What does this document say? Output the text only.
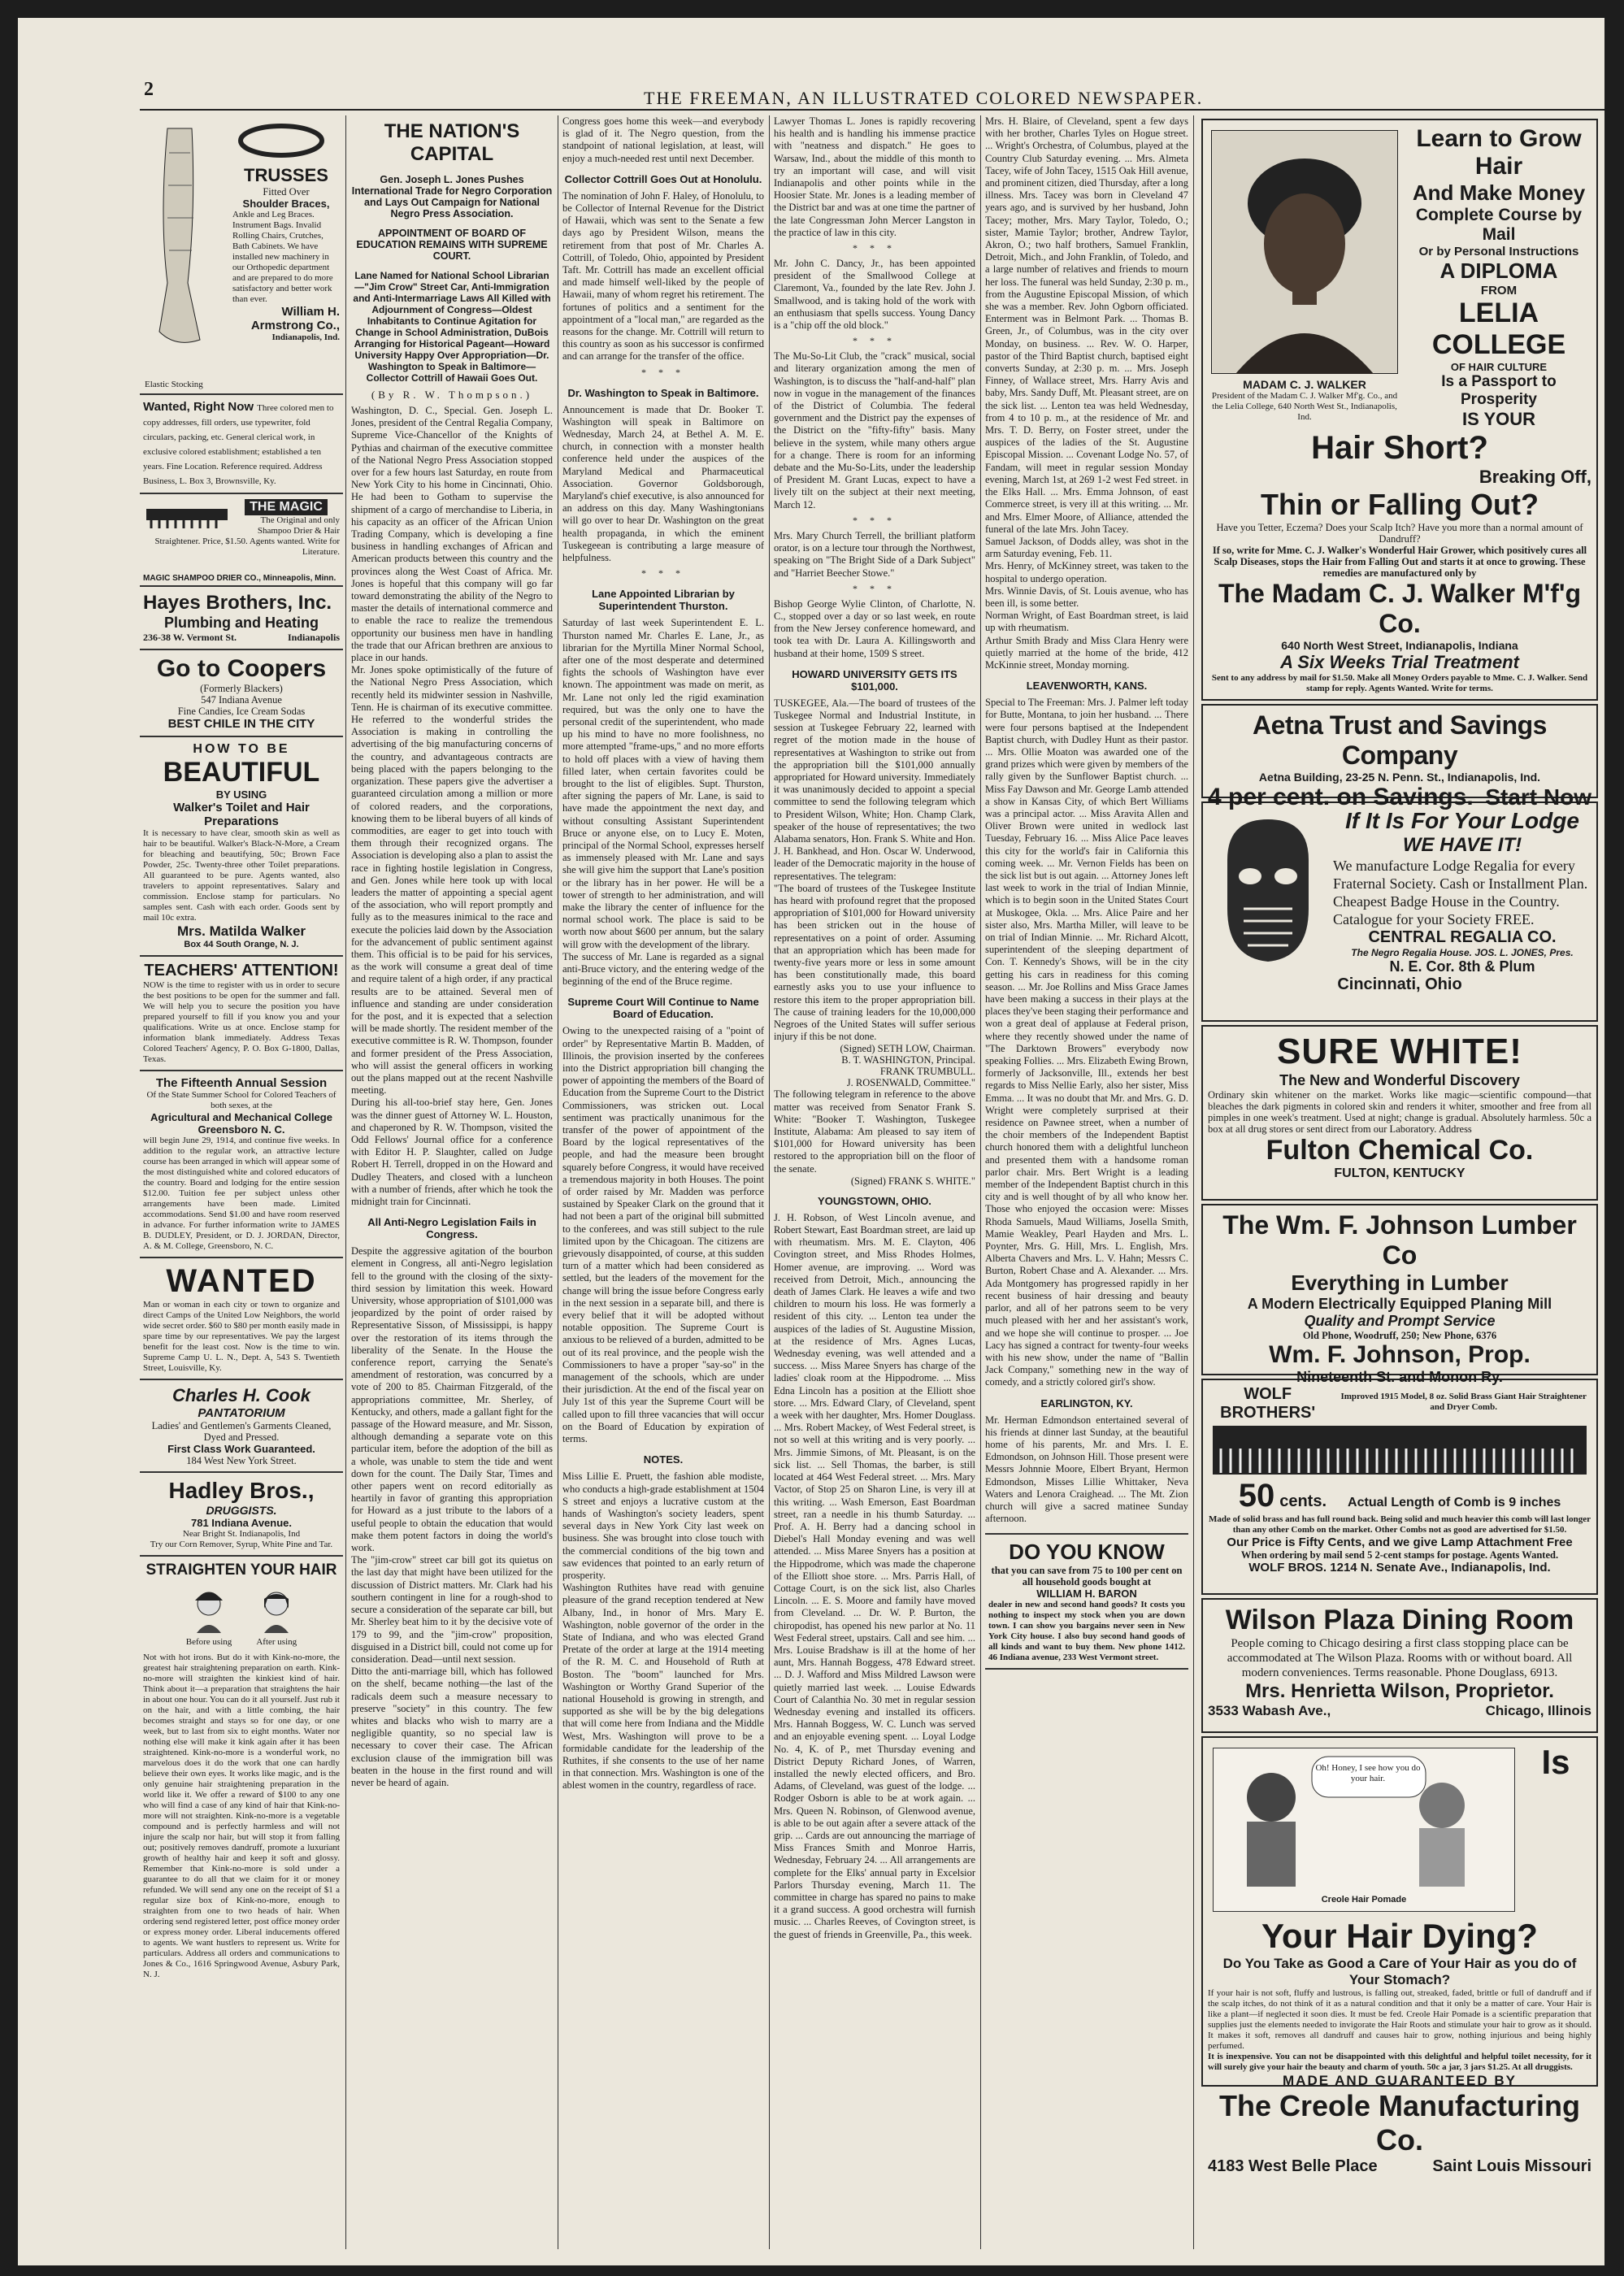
2	THE FREEMAN, AN ILLUSTRATED COLORED NEWSPAPER.
TRUSSES
Fitted Over
Shoulder Braces,
Ankle and Leg Braces. Instrument Bags. Invalid Rolling Chairs, Crutches, Bath Cabinets. We have installed new machinery in our Orthopedic department and are prepared to do more satisfactory and better work than ever.
William H. Armstrong Co.,
Indianapolis, Ind.
Elastic Stocking
Wanted, Right Now Three colored men to copy addresses, fill orders, use typewriter, fold circulars, packing, etc. General clerical work, in exclusive colored establishment; established a ten years. Fine Location. Reference required. Address Business, L. Box 3, Brownsville, Ky.
THE MAGIC
The Original and only Shampoo Drier & Hair Straightener. Price, $1.50. Agents wanted. Write for Literature.
MAGIC SHAMPOO DRIER CO., Minneapolis, Minn.
Hayes Brothers, Inc.
Plumbing and Heating
236-38 W. Vermont St.	Indianapolis
Go to Coopers
(Formerly Blackers)
547 Indiana Avenue
Fine Candies, Ice Cream Sodas
BEST CHILE IN THE CITY
HOW TO BE
BEAUTIFUL
BY USING
Walker's Toilet and Hair Preparations
It is necessary to have clear, smooth skin as well as hair to be beautiful. Walker's Black-N-More, a Cream for bleaching and beautifying, 50c; Brown Face Powder, 25c. Twenty-three other Toilet preparations. All guaranteed to be pure. Agents wanted, also travelers to appoint representatives. Salary and commission. Enclose stamp for particulars. No samples sent. Cash with each order. Goods sent by mail 10c extra.
Mrs. Matilda Walker
Box 44 South Orange, N. J.
TEACHERS' ATTENTION!
NOW is the time to register with us in order to secure the best positions to be open for the summer and fall. We will help you to secure the position you have prepared yourself to fill if you know you and your qualifications. Write us at once. Enclose stamp for information blank immediately. Address Texas Colored Teachers' Agency, P. O. Box G-1800, Dallas, Texas.
The Fifteenth Annual Session
Of the State Summer School for Colored Teachers of both sexes, at the
Agricultural and Mechanical College
Greensboro N. C.
will begin June 29, 1914, and continue five weeks. In addition to the regular work, an attractive lecture course has been arranged in which will appear some of the most distinguished white and colored educators of the country. Board and lodging for the entire session $12.00. Tuition fee per subject unless other arrangements have been made. Limited accommodations. Send $1.00 and have room reserved in advance. For further information write to JAMES B. DUDLEY, President, or D. J. JORDAN, Director, A. & M. College, Greensboro, N. C.
WANTED
Man or woman in each city or town to organize and direct Camps of the United Low Neighbors, the world wide secret order. $60 to $80 per month easily made in spare time by our representatives. We pay the largest benefit for the least cost. Now is the time to win. Supreme Camp U. L. N., Dept. A, 543 S. Twentieth Street, Louisville, Ky.
Charles H. Cook
PANTATORIUM
Ladies' and Gentlemen's Garments Cleaned, Dyed and Pressed.
First Class Work Guaranteed.
184 West New York Street.
Hadley Bros.,
DRUGGISTS.
781 Indiana Avenue.
Near Bright St. Indianapolis, Ind
Try our Corn Remover, Syrup, White Pine and Tar.
STRAIGHTEN YOUR HAIR
Before using	After using
Not with hot irons. But do it with Kink-no-more, the greatest hair straightening preparation on earth. Kink-no-more will straighten the kinkiest kind of hair. Think about it—a preparation that straightens the hair in about one hour. You can do it all yourself. Just rub it on the hair, and with a little combing, the hair becomes straight and stays so for one day, or one week, but to last from six to eight months. Water nor nothing else will make it kink again after it has been straightened. Kink-no-more is a wonderful work, no marvelous does it do the work that one can hardly believe their own eyes. It works like magic, and is the only genuine hair straightening preparation in the world like it. We offer a reward of $100 to any one who will find a case of any kind of hair that Kink-no-more will not straighten. Kink-no-more is a vegetable compound and is perfectly harmless and will not injure the scalp nor hair, but will stop it from falling out; positively removes dandruff, promote a luxuriant growth of healthy hair and keep it soft and glossy. Remember that Kink-no-more is sold under a guarantee to do all that we claim for it or money refunded. We will send any one on the receipt of $1 a regular size box of Kink-no-more, enough to straighten from one to two heads of hair. When ordering send registered letter, post office money order or express money order. Liberal inducements offered to agents. We want hustlers to represent us. Write for particulars. Address all orders and communications to Jones & Co., 1616 Springwood Avenue, Asbury Park, N. J.
THE NATION'S CAPITAL
Gen. Joseph L. Jones Pushes International Trade for Negro Corporation and Lays Out Campaign for National Negro Press Association.
APPOINTMENT OF BOARD OF EDUCATION REMAINS WITH SUPREME COURT.
Lane Named for National School Librarian—"Jim Crow" Street Car, Anti-Immigration and Anti-Intermarriage Laws All Killed with Adjournment of Congress—Oldest Inhabitants to Continue Agitation for Change in School Administration, DuBois Arranging for Historical Pageant—Howard University Happy Over Appropriation—Dr. Washington to Speak in Baltimore—Collector Cottrill of Hawaii Goes Out.
(By R. W. Thompson.)

Washington, D. C., Special. Gen. Joseph L. Jones, president of the Central Regalia Company, Supreme Vice-Chancellor of the Knights of Pythias and chairman of the executive committee of the National Negro Press Association stopped over for a few hours last Saturday, en route from New York City to his home in Cincinnati, Ohio. He had been to Gotham to supervise the shipment of a cargo of merchandise to Liberia, in his capacity as an officer of the African Union Trading Company, which is developing a fine business in handling exchanges of African and American products between this country and the provinces along the West Coast of Africa. Mr. Jones is hopeful that this company will go far toward demonstrating the ability of the Negro to master the details of international commerce and to enable the race to realize the tremendous opportunity our business men have in handling the trade that our African brethren are anxious to place in our hands.

Mr. Jones spoke optimistically of the future of the National Negro Press Association, which recently held its midwinter session in Nashville, Tenn. He is chairman of its executive committee. He referred to the wonderful strides the Association is making in controlling the advertising of the big manufacturing concerns of the country, and advantageous contracts are being placed with the papers belonging to the organization. These papers give the advertiser a guaranteed circulation among a million or more of colored readers, and the corporations, knowing them to be liberal buyers of all kinds of commodities, are eager to get into touch with them through their recognized organs. The Association is developing also a plan to assist the race in fighting hostile legislation in Congress, and Gen. Jones while here took up with local leaders the matter of appointing a special agent of the association, who will report promptly and fully as to the measures inimical to the race and execute the policies laid down by the Association for the advancement of public sentiment against them. This official is to be paid for his services, as the work will consume a great deal of time and require talent of a high order, if any practical results are to be attained. Several men of influence and standing are under consideration for the post, and it is expected that a selection will be made shortly. The resident member of the executive committee is R. W. Thompson, founder and former president of the Press Association, who will assist the general officers in working out the plans mapped out at the recent Nashville meeting.

During his all-too-brief stay here, Gen. Jones was the dinner guest of Attorney W. L. Houston, and chaperoned by R. W. Thompson, visited the Odd Fellows' Journal office for a conference with Editor H. P. Slaughter, called on Judge Robert H. Terrell, dropped in on the Howard and Dudley Theaters, and closed with a luncheon with a number of friends, after which he took the midnight train for Cincinnati.

All Anti-Negro Legislation Fails in Congress.

Despite the aggressive agitation of the bourbon element in Congress, all anti-Negro legislation fell to the ground with the closing of the sixty-third session by limitation this week. Howard University, whose appropriation of $101,000 was jeopardized by the point of order raised by Representative Sisson, of Mississippi, is happy over the restoration of its items through the liberality of the Senate. In the House the conference report, carrying the Senate's amendment of restoration, was concurred by a vote of 200 to 85. Chairman Fitzgerald, of the appropriations committee, Mr. Sherley, of Kentucky, and others, made a gallant fight for the passage of the Howard measure, and Mr. Sisson, although demanding a separate vote on this particular item, before the adoption of the bill as a whole, was unable to stem the tide and went down for the count. The Daily Star, Times and other papers went on record editorially as heartily in favor of granting this appropriation for Howard as a just tribute to the labors of a useful people to obtain the education that would make them potent factors in doing the world's work.

The "jim-crow" street car bill got its quietus on the last day that might have been utilized for the discussion of District matters. Mr. Clark had his southern contingent in line for a rough-shod to secure a consideration of the separate car bill, but Mr. Sherley beat him to it by the decisive vote of 179 to 99, and the "jim-crow" proposition, disguised in a District bill, could not come up for consideration. Dead—until next session.

Ditto the anti-marriage bill, which has followed on the shelf, became nothing—the last of the radicals deem such a measure necessary to preserve "society" in this country. The few whites and blacks who wish to marry are a negligible quantity, so no special law is necessary to cover their case. The African exclusion clause of the immigration bill was beaten in the house in the first round and will never be heard of again.

Congress goes home this week—and everybody is glad of it. The Negro question, from the standpoint of national legislation, at least, will enjoy a much-needed rest until next December.

Collector Cottrill Goes Out at Honolulu.

The nomination of John F. Haley, of Honolulu, to be Collector of Internal Revenue for the District of Hawaii, which was sent to the Senate a few days ago by President Wilson, means the retirement from that post of Mr. Charles A. Cottrill, of Toledo, Ohio, appointed by President Taft. Mr. Cottrill has made an excellent official and made himself well-liked by the people of Hawaii, many of whom regret his retirement. The fortunes of politics and a sentiment for the appointment of a "local man," are regarded as the reasons for the change. Mr. Cottrill will return to this country as soon as his successor is confirmed and can arrange for the transfer of the office.

* * *
Dr. Washington to Speak in Baltimore.

Announcement is made that Dr. Booker T. Washington will speak in Baltimore on Wednesday, March 24, at Bethel A. M. E. church, in connection with a monster health conference held under the auspices of the Maryland Medical and Pharmaceutical Association. Governor Goldsborough, Maryland's chief executive, is also announced for an address on this day. Many Washingtonians will go over to hear Dr. Washington on the great health propaganda, in which the eminent Tuskegeean is contributing a large measure of helpfulness.

* * *
Lane Appointed Librarian by Superintendent Thurston.

Saturday of last week Superintendent E. L. Thurston named Mr. Charles E. Lane, Jr., as librarian for the Myrtilla Miner Normal School, after one of the most desperate and determined fights the schools of Washington have ever known. The appointment was made on merit, as Mr. Lane not only led the rigid examination required, but was the only one to have the personal credit of the superintendent, who made up his mind to have no more foolishness, no more attempted "frame-ups," and no more efforts to hold off places with a view of having them filled later, when certain favorites could be brought to the list of eligibles. Supt. Thurston, after signing the papers of Mr. Lane, is said to have made the appointment the next day, and without consulting Assistant Superintendent Bruce or anyone else, on to Lucy E. Moten, principal of the Normal School, expresses herself as immensely pleased with Mr. Lane and says she will give him the support that Lane's position or the library has in her power. He will be a tower of strength to her administration, and will make the library the center of influence for the normal school work. The place is said to be worth now about $600 per annum, but the salary will grow with the development of the library.

The success of Mr. Lane is regarded as a signal anti-Bruce victory, and the entering wedge of the beginning of the end of the Bruce regime.

Supreme Court Will Continue to Name Board of Education.

Owing to the unexpected raising of a "point of order" by Representative Martin B. Madden, of Illinois, the provision inserted by the conferees into the District appropriation bill changing the power of appointing the members of the Board of Education from the Supreme Court to the District Commissioners, was stricken out. Local sentiment was practically unanimous for the transfer of the power of appointment of the Board by the logical representatives of the people, and had the measure been brought squarely before Congress, it would have received a tremendous majority in both Houses. The point of order raised by Mr. Madden was perforce sustained by Speaker Clark on the ground that it had not been a part of the original bill submitted to the conferees, and was still subject to the rule limited upon by the Chicagoan. The citizens are grievously disappointed, of course, at this sudden turn of a matter which had been considered as settled, but the leaders of the movement for the change will bring the issue before Congress early in the next session in a separate bill, and there is every belief that it will be adopted without notable opposition. The Supreme Court is anxious to be relieved of a burden, admitted to be out of its real province, and the people wish the Commissioners to have a proper "say-so" in the management of the schools, which are under their jurisdiction. At the end of the fiscal year on July 1st of this year the Supreme Court will be called upon to fill three vacancies that will occur on the Board of Education by expiration of terms.

NOTES.

Miss Lillie E. Pruett, the fashion able modiste, who conducts a high-grade establishment at 1504 S street and enjoys a lucrative custom at the hands of Washington's society leaders, spent several days in New York City last week on business. She was brought into close touch with the commercial conditions of the big town and saw evidences that pointed to an early return of prosperity.

Washington Ruthites have read with genuine pleasure of the grand reception tendered at New Albany, Ind., in honor of Mrs. Mary E. Washington, noble governor of the order in the State of Indiana, and who was elected Grand Pretate of the order at large at the 1914 meeting of the R. M. C. and Household of Ruth at Boston. The "boom" launched for Mrs. Washington or Worthy Grand Superior of the national Household is growing in strength, and supported as she will be by the big delegations that will come here from Indiana and the Middle West, Mrs. Washington will prove to be a formidable candidate for the leadership of the Ruthites, if she consents to the use of her name in that connection. Mrs. Washington is one of the ablest women in the country, regardless of race.

Lawyer Thomas L. Jones is rapidly recovering his health and is handling his immense practice with "neatness and dispatch." He goes to Warsaw, Ind., about the middle of this month to try an important will case, and will visit Indianapolis and other points while in the Hoosier State. Mr. Jones is a leading member of the District bar and was at one time the partner of the late Congressman John Mercer Langston in the practice of law in this city.

* * *

Mr. John C. Dancy, Jr., has been appointed president of the Smallwood College at Claremont, Va., founded by the late Rev. John J. Smallwood, and is taking hold of the work with an enthusiasm that spells success. Young Dancy is a "chip off the old block."

* * *

The Mu-So-Lit Club, the "crack" musical, social and literary organization among the men of Washington, is to discuss the "half-and-half" plan now in vogue in the management of the finances of the District of Columbia. The federal government and the District pay the expenses of the District on the "fifty-fifty" basis. Many believe in the system, while many others argue for a change. There is room for an informing debate and the Mu-So-Lits, under the leadership of President M. Grant Lucas, expect to have a lively tilt on the subject at their next meeting, March 12.

* * *

Mrs. Mary Church Terrell, the brilliant platform orator, is on a lecture tour through the Northwest, speaking on "The Bright Side of a Dark Subject" and "Harriet Beecher Stowe."

* * *

Bishop George Wylie Clinton, of Charlotte, N. C., stopped over a day or so last week, en route from the New Jersey conference homeward, and took tea with Dr. Laura A. Killingsworth and husband at their home, 1509 S street.

HOWARD UNIVERSITY GETS ITS $101,000.

TUSKEGEE, Ala.—The board of trustees of the Tuskegee Normal and Industrial Institute, in session at Tuskegee February 22, learned with regret of the motion made in the house of representatives at Washington to strike out from the appropriation bill the $101,000 annually appropriated for Howard university. Immediately it was unanimously decided to appoint a special committee to send the following telegram which to President Wilson, White; Hon. Champ Clark, speaker of the house of representatives; the two Alabama senators, Hon. Frank S. White and Hon. J. H. Bankhead, and Hon. Oscar W. Underwood, leader of the Democratic majority in the house of representatives. The telegram:

"The board of trustees of the Tuskegee Institute has heard with profound regret that the proposed appropriation of $101,000 for Howard university has been stricken out in the house of representatives on a point of order. Assuming that an appropriation which has been made for twenty-five years more or less in some amount has been constitutionally made, this board earnestly asks you to use your influence to restore this item to the proper appropriation bill. The cause of training leaders for the 10,000,000 Negroes of the United States will suffer serious injury if this be not done.

(Signed) SETH LOW, Chairman.
B. T. WASHINGTON, Principal.
FRANK TRUMBULL.
J. ROSENWALD, Committee."

The following telegram in reference to the above matter was received from Senator Frank S. White: "Booker T. Washington, Tuskegee Institute, Alabama: Am pleased to say item of $101,000 for Howard university has been restored to the appropriation bill on the floor of the senate.

(Signed) FRANK S. WHITE."
YOUNGSTOWN, OHIO.

J. H. Robson, of West Lincoln avenue, and Robert Stewart, East Boardman street, are laid up with rheumatism. Mrs. M. E. Clayton, 406 Covington street, and Miss Rhodes Holmes, Homer avenue, are improving. ... Word was received from Detroit, Mich., announcing the death of James Clark. He leaves a wife and two children to mourn his loss. He was formerly a resident of this city. ... Lenton tea under the auspices of the ladies of St. Augustine Mission, at the residence of Mrs. Agnes Lucas, Wednesday evening, was well attended and a success. ... Miss Maree Snyers has charge of the ladies' cloak room at the Hippodrome. ... Miss Edna Lincoln has a position at the Elliott shoe store. ... Mrs. Edward Clary, of Cleveland, spent a week with her daughter, Mrs. Homer Douglass. ... Mrs. Robert Mackey, of West Federal street, is not so well at this writing and is very poorly. ... Mrs. Jimmie Simons, of Mt. Pleasant, is on the sick list. ... Sell Thomas, the barber, is still located at 464 West Federal street. ... Mrs. Mary Vactor, of Stop 25 on Sharon Line, is very ill at this writing. ... Wash Emerson, East Boardman street, ran a needle in his thumb Saturday. ... Prof. A. H. Berry had a dancing school in Diebel's Hall Monday evening and was well attended. ... Miss Maree Snyers has a position at the Hippodrome, which was made the chaperone of the Elliott shoe store. ... Mrs. Parris Hall, of Cottage Court, is on the sick list, also Charles Lincoln. ... E. S. Moore and family have moved from Cleveland. ... Dr. W. P. Burton, the chiropodist, has opened his new parlor at No. 11 West Federal street, upstairs. Call and see him. ... Mrs. Louise Bradshaw is ill at the home of her aunt, Mrs. Hannah Boggess, 478 Edward street. ... D. J. Wafford and Miss Mildred Lawson were quietly married last week. ... Louise Edwards Court of Calanthia No. 30 met in regular session Wednesday evening and installed its officers. Mrs. Hannah Boggess, W. C. Lunch was served and an enjoyable evening spent. ... Loyal Lodge No. 4, K. of P., met Thursday evening and District Deputy Richard Jones, of Warren, installed the newly elected officers, and Bro. Adams, of Cleveland, was guest of the lodge. ... Rodger Osborn is able to be at work again. ... Mrs. Queen N. Robinson, of Glenwood avenue, is able to be out again after a severe attack of the grip. ... Cards are out announcing the marriage of Miss Frances Smith and Monroe Harris, Wednesday, February 24. ... All arrangements are complete for the Elks' annual party in Excelsior Parlors Thursday evening, March 11. The committee in charge has spared no pains to make it a grand success. A good orchestra will furnish music. ... Charles Reeves, of Covington street, is the guest of friends in Greenville, Pa., this week.

Mrs. H. Blaire, of Cleveland, spent a few days with her brother, Charles Tyles on Hogue street. ... Wright's Orchestra, of Columbus, played at the Country Club Saturday evening. ... Mrs. Almeta Tacey, wife of John Tacey, 1515 Oak Hill avenue, and prominent citizen, died Thursday, after a long illness. Mrs. Tacey was born in Cleveland 47 years ago, and is survived by her husband, John Tacey; mother, Mrs. Mary Taylor, Toledo, O.; sister, Mamie Taylor; brother, Andrew Taylor, Akron, O.; two half brothers, Samuel Franklin, Detroit, Mich., and John Franklin, of Toledo, and a large number of relatives and friends to mourn her loss. The funeral was held Sunday, 2:30 p. m., from the Augustine Episcopal Mission, of which she was a member. Rev. John Ogborn officiated. Enterment was in Belmont Park. ... Thomas B. Green, Jr., of Columbus, was in the city over Monday, on business. ... Rev. W. O. Harper, pastor of the Third Baptist church, baptised eight converts Sunday, at 2:30 p. m. ... Mrs. Joseph Finney, of Wallace street, Mrs. Harry Avis and baby, Mrs. Sandy Duff, Mt. Pleasant street, are on the sick list. ... Lenton tea was held Wednesday, from 4 to 10 p. m., at the residence of Mr. and Mrs. T. D. Berry, on Foster street, under the auspices of the ladies of the St. Augustine Episcopal Mission. ... Covenant Lodge No. 57, of Fandam, will meet in regular session Monday evening, March 1st, at 269 1-2 west Fed street. in the Elks Hall. ... Mrs. Emma Johnson, of east Commerce street, is very ill at this writing. ... Mr. and Mrs. Elmer Moore, of Alliance, attended the funeral of the late Mrs. John Tacey.

Samuel Jackson, of Dodds alley, was shot in the arm Saturday evening, Feb. 11.

Mrs. Henry, of McKinney street, was taken to the hospital to undergo operation.

Mrs. Winnie Davis, of St. Louis avenue, who has been ill, is some better.

Norman Wright, of East Boardman street, is laid up with rheumatism.

Arthur Smith Brady and Miss Clara Henry were quietly married at the home of the bride, 412 McKinnie street, Monday morning.

LEAVENWORTH, KANS.

Special to The Freeman: Mrs. J. Palmer left today for Butte, Montana, to join her husband. ... There were four persons baptised at the Independent Baptist church, with Dudley Hunt as their pastor. ... Mrs. Ollie Moaton was awarded one of the grand prizes which were given by members of the rally given by the Sunflower Baptist church. ... Miss Fay Dawson and Mr. George Lamb attended a show in Kansas City, of which Bert Williams was a principal actor. ... Miss Aravita Allen and Oliver Brown were united in wedlock last Tuesday, February 16. ... Miss Alice Pace leaves this city for the world's fair in California this coming week. ... Mr. Vernon Fields has been on the sick list but is out again. ... Attorney Jones left last week to work in the trial of Indian Minnie, which is to begin soon in the United States Court at Muskogee, Okla. ... Mrs. Alice Paire and her sister also, Mrs. Martha Miller, will leave to be on trial of Indian Minnie. ... Mr. Richard Alcott, superintendent of the sleeping department of Con. T. Kennedy's Shows, will be in the city getting his cars in readiness for this coming season. ... Mr. Joe Rollins and Miss Grace James have been making a success in their plays at the places they've been staging their performance and won a great deal of applause at Federal prison, where they recently showed under the name of "The Darktown Browers" everybody now speaking Follies. ... Mrs. Elizabeth Ewing Brown, formerly of Jacksonville, Ill., extends her best regards to Miss Nellie Early, also her sister, Miss Emma. ... It was no doubt that Mr. and Mrs. G. D. Wright were completely surprised at their residence on Pawnee street, when a number of the choir members of the Independent Baptist church honored them with a delightful luncheon and presented them with a handsome roman parlor chair. Mrs. Bert Wright is a leading member of the Independent Baptist church in this city and is well thought of by all who know her. Those who enjoyed the occasion were: Misses Rhoda Samuels, Maud Williams, Josella Smith, Mamie Weakley, Pearl Hayden and Mrs. L. Poynter, Mrs. G. Hill, Mrs. L. English, Mrs. Alberta Chavers and Mrs. L. V. Hahn; Messrs C. Burton, Robert Chase and A. Alexander. ... Mrs. Ada Montgomery has progressed rapidly in her recent business of hair dressing and beauty parlor, and all of her patrons seem to be very much pleased with her and her assistant's work, and we hope she will continue to prosper. ... Joe Lacy has signed a contract for twenty-four weeks with his new show, under the name of "Ballin Jack Company," something new in the way of comedy, and a strictly colored girl's show.

EARLINGTON, KY.

Mr. Herman Edmondson entertained several of his friends at dinner last Sunday, at the beautiful home of his parents, Mr. and Mrs. I. E. Edmondson, on Johnson Hill. Those present were Messrs Johnnie Moore, Elbert Bryant, Hermon Edmondson, Misses Lillie Whittaker, Neva Waters and Lenora Craighead. ... The Mt. Zion church will give a sacred matinee Sunday afternoon.

DO YOU KNOW
that you can save from 75 to 100 per cent on all household goods bought at
WILLIAM H. BARON
dealer in new and second hand goods? It costs you nothing to inspect my stock when you are down town. I can show you bargains never seen in New York City house. I also buy second hand goods of all kinds and want to buy them. New phone 1412. 46 Indiana avenue, 233 West Vermont street.
MADAM C. J. WALKER
President of the Madam C. J. Walker Mf'g. Co., and the Lelia College, 640 North West St., Indianapolis, Ind.
Learn to Grow Hair
And Make Money
Complete Course by Mail
Or by Personal Instructions
A DIPLOMA
FROM
LELIA COLLEGE
OF HAIR CULTURE
Is a Passport to Prosperity
IS YOUR
Hair Short?
Breaking Off,
Thin or Falling Out?
Have you Tetter, Eczema? Does your Scalp Itch? Have you more than a normal amount of Dandruff?
If so, write for Mme. C. J. Walker's Wonderful Hair Grower, which positively cures all Scalp Diseases, stops the Hair from Falling Out and starts it at once to growing. These remedies are manufactured only by
The Madam C. J. Walker M'f'g Co.
640 North West Street, Indianapolis, Indiana
A Six Weeks Trial Treatment
Sent to any address by mail for $1.50. Make all Money Orders payable to Mme. C. J. Walker. Send stamp for reply. Agents Wanted. Write for terms.
Aetna Trust and Savings Company
Aetna Building, 23-25 N. Penn. St., Indianapolis, Ind.
4 per cent. on Savings. Start Now
If It Is For Your Lodge
WE HAVE IT!
We manufacture Lodge Regalia for every Fraternal Society. Cash or Installment Plan. Cheapest Badge House in the Country. Catalogue for your Society FREE.
CENTRAL REGALIA CO.
The Negro Regalia House. JOS. L. JONES, Pres.
N. E. Cor. 8th & Plum
Cincinnati, Ohio
SURE WHITE!
The New and Wonderful Discovery
Ordinary skin whitener on the market. Works like magic—scientific compound—that bleaches the dark pigments in colored skin and renders it whiter, smoother and free from all pimples in one week's treatment. Used at night; change is gradual. Absolutely harmless. 50c a box at all drug stores or sent direct from our Laboratory. Address
Fulton Chemical Co.
FULTON, KENTUCKY
The Wm. F. Johnson Lumber Co
Everything in Lumber
A Modern Electrically Equipped Planing Mill
Quality and Prompt Service
Old Phone, Woodruff, 250; New Phone, 6376
Wm. F. Johnson, Prop.
Nineteenth St. and Monon Ry.
WOLF BROTHERS'
Improved 1915 Model, 8 oz. Solid Brass Giant Hair Straightener and Dryer Comb.
50 cents. Actual Length of Comb is 9 inches
Made of solid brass and has full round back. Being solid and much heavier this comb will last longer than any other Comb on the market. Other Combs not as good are advertised for $1.50.
Our Price is Fifty Cents, and we give Lamp Attachment Free
When ordering by mail send 5 2-cent stamps for postage. Agents Wanted.
WOLF BROS. 1214 N. Senate Ave., Indianapolis, Ind.
Wilson Plaza Dining Room
People coming to Chicago desiring a first class stopping place can be accommodated at The Wilson Plaza. Rooms with or without board. All modern conveniences. Terms reasonable. Phone Douglass, 6913.
Mrs. Henrietta Wilson, Proprietor.
3533 Wabash Ave.,	Chicago, Illinois
Oh! Honey, I see how you do your hair.
Creole Hair Pomade
Is Your Hair Dying?
Do You Take as Good a Care of Your Hair as you do of Your Stomach?
If your hair is not soft, fluffy and lustrous, is falling out, streaked, faded, brittle or full of dandruff and if the scalp itches, do not think of it as a natural condition and that it only be a matter of care. Your Hair is like a plant—if neglected it soon dies. It must be fed. Creole Hair Pomade is a scientific preparation that supplies just the elements needed to invigorate the Hair Roots and stimulate your hair to grow as it should. It makes it soft, removes all dandruff and causes hair to grow, nothing injurious and being highly perfumed.
It is inexpensive. You can not be disappointed with this delightful and helpful toilet necessity, for it will surely give your hair the beauty and charm of youth. 50c a jar, 3 jars $1.25. At all druggists.
MADE AND GUARANTEED BY
The Creole Manufacturing Co.
4183 West Belle Place	Saint Louis Missouri
